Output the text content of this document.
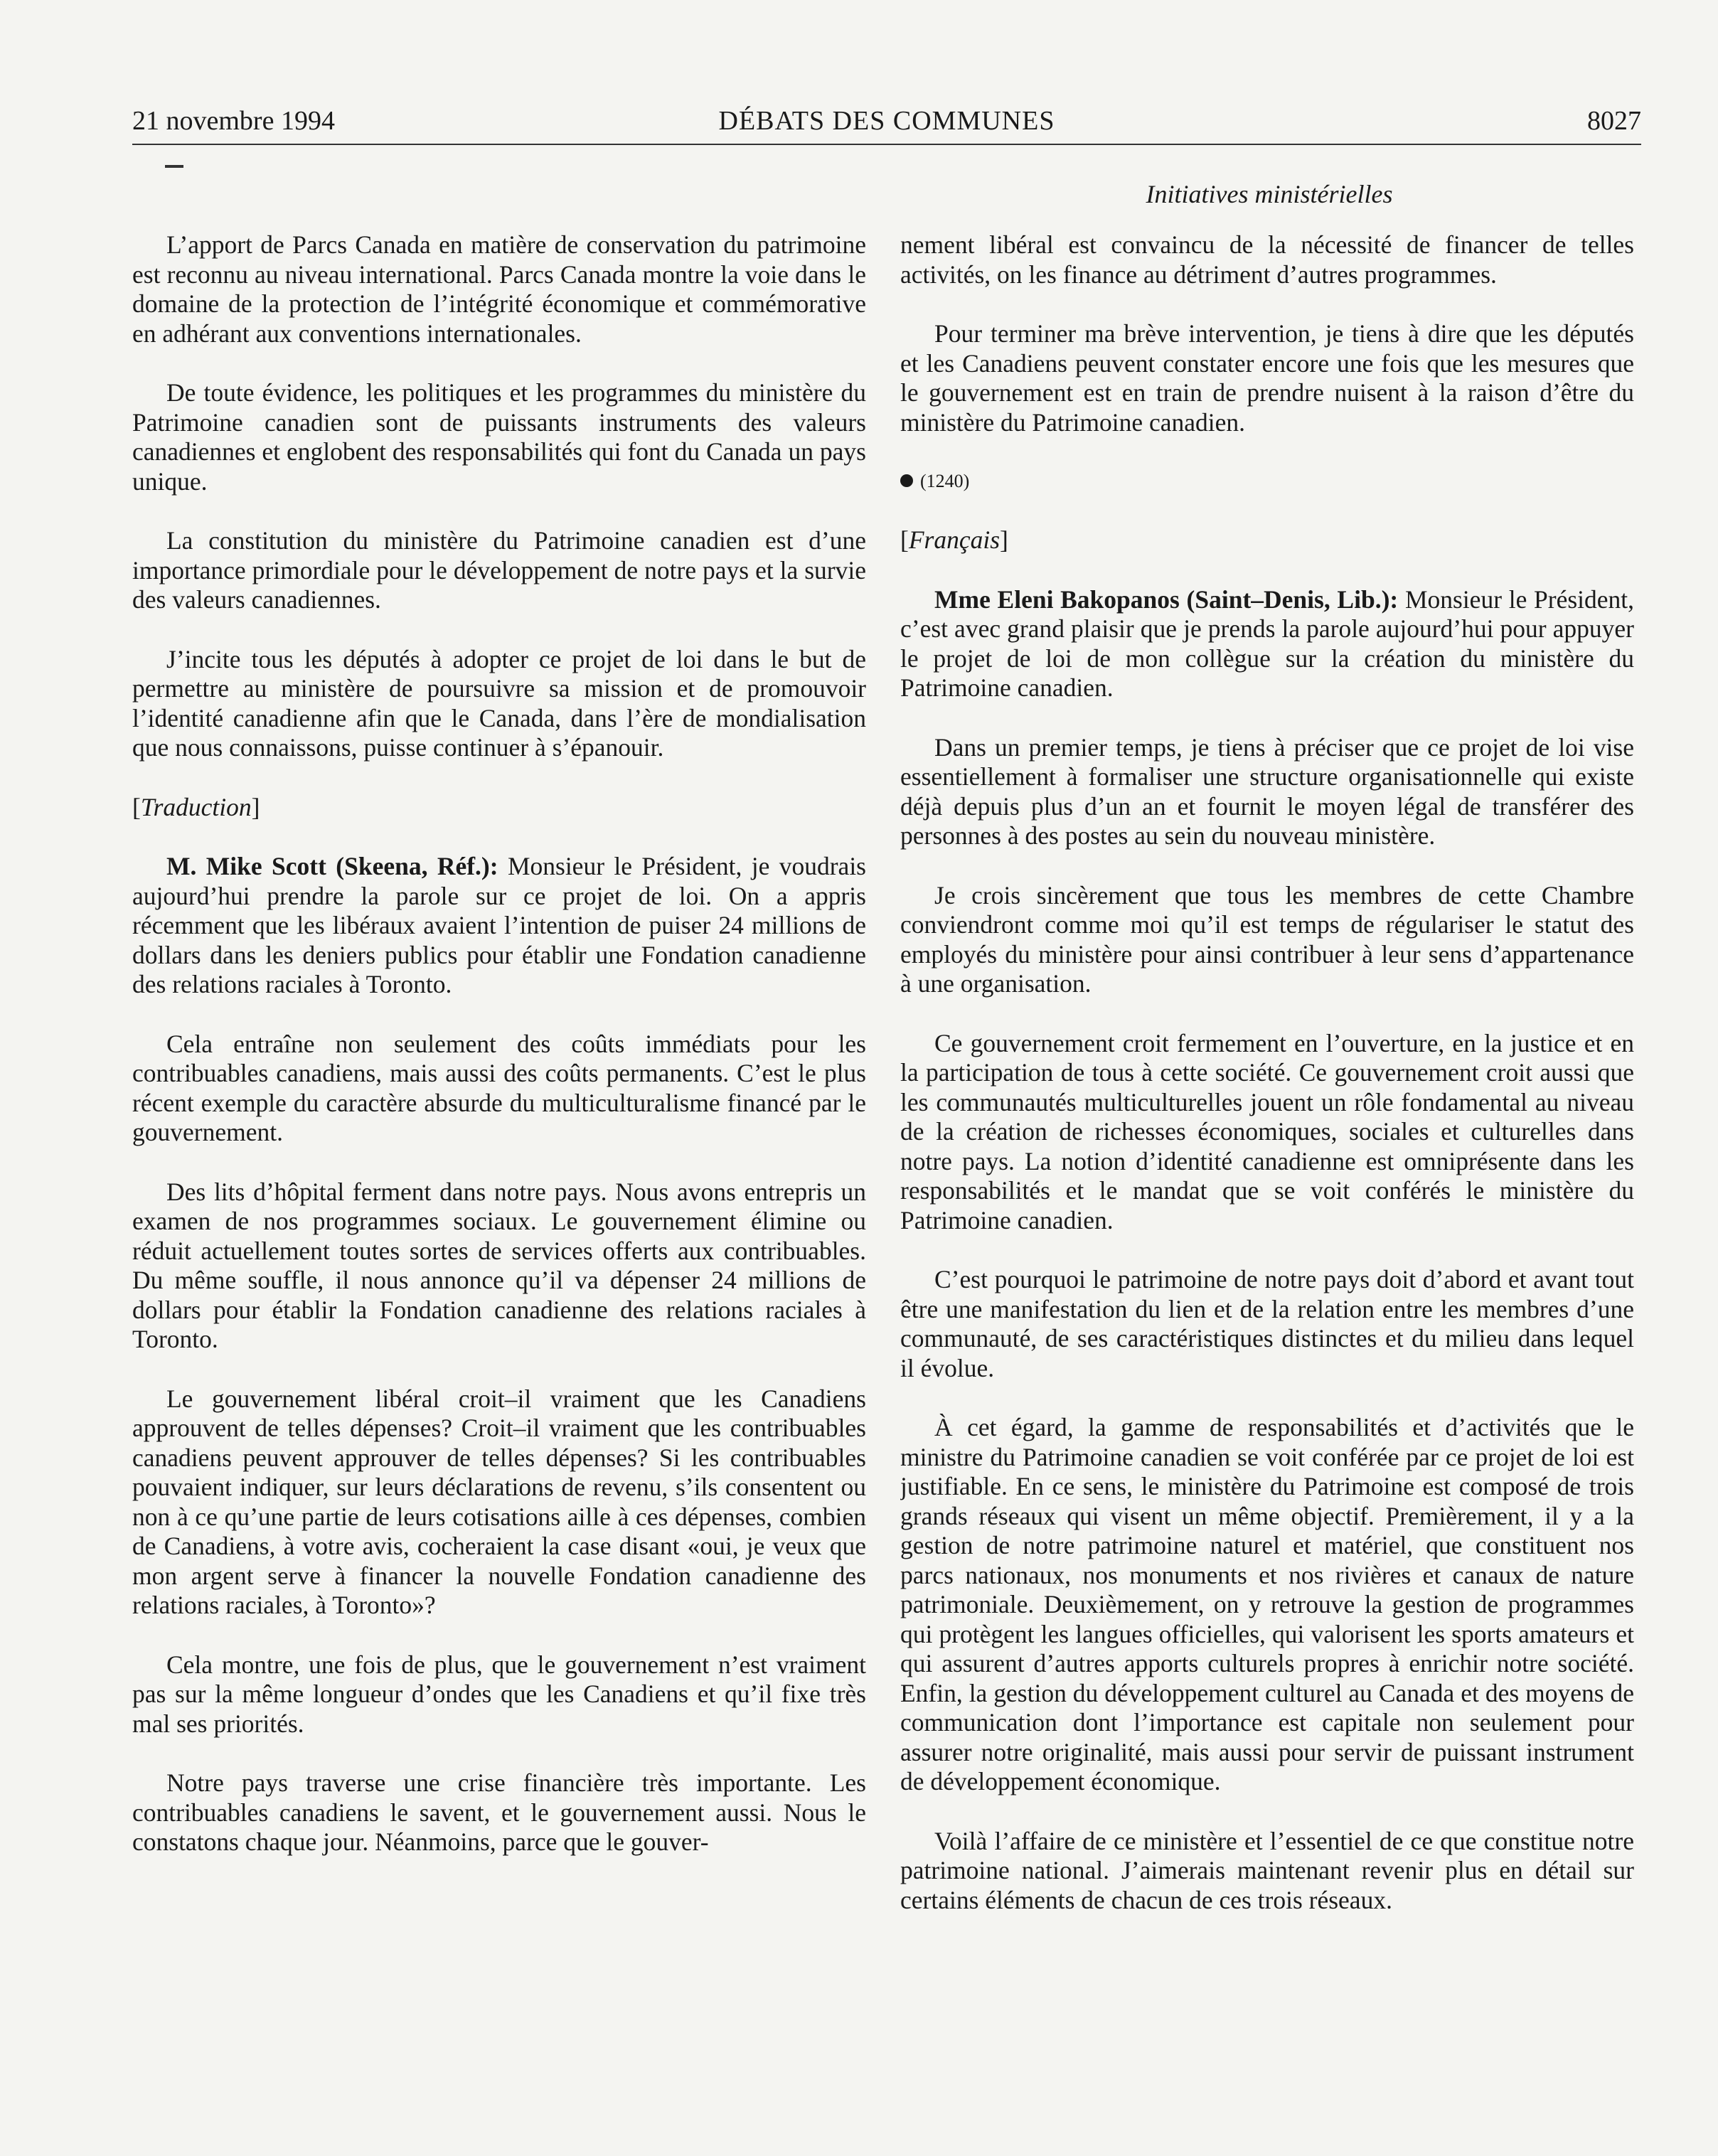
21 novembre 1994	DÉBATS DES COMMUNES	8027
Initiatives ministérielles

L’apport de Parcs Canada en matière de conservation du patrimoine est reconnu au niveau international. Parcs Canada montre la voie dans le domaine de la protection de l’intégrité économique et commémorative en adhérant aux conventions internationales.

De toute évidence, les politiques et les programmes du ministère du Patrimoine canadien sont de puissants instruments des valeurs canadiennes et englobent des responsabilités qui font du Canada un pays unique.

La constitution du ministère du Patrimoine canadien est d’une importance primordiale pour le développement de notre pays et la survie des valeurs canadiennes.

J’incite tous les députés à adopter ce projet de loi dans le but de permettre au ministère de poursuivre sa mission et de promouvoir l’identité canadienne afin que le Canada, dans l’ère de mondialisation que nous connaissons, puisse continuer à s’épanouir.

[Traduction]

M. Mike Scott (Skeena, Réf.): Monsieur le Président, je voudrais aujourd’hui prendre la parole sur ce projet de loi. On a appris récemment que les libéraux avaient l’intention de puiser 24 millions de dollars dans les deniers publics pour établir une Fondation canadienne des relations raciales à Toronto.

Cela entraîne non seulement des coûts immédiats pour les contribuables canadiens, mais aussi des coûts permanents. C’est le plus récent exemple du caractère absurde du multiculturalisme financé par le gouvernement.

Des lits d’hôpital ferment dans notre pays. Nous avons entrepris un examen de nos programmes sociaux. Le gouvernement élimine ou réduit actuellement toutes sortes de services offerts aux contribuables. Du même souffle, il nous annonce qu’il va dépenser 24 millions de dollars pour établir la Fondation canadienne des relations raciales à Toronto.

Le gouvernement libéral croit–il vraiment que les Canadiens approuvent de telles dépenses? Croit–il vraiment que les contribuables canadiens peuvent approuver de telles dépenses? Si les contribuables pouvaient indiquer, sur leurs déclarations de revenu, s’ils consentent ou non à ce qu’une partie de leurs cotisations aille à ces dépenses, combien de Canadiens, à votre avis, cocheraient la case disant «oui, je veux que mon argent serve à financer la nouvelle Fondation canadienne des relations raciales, à Toronto»?

Cela montre, une fois de plus, que le gouvernement n’est vraiment pas sur la même longueur d’ondes que les Canadiens et qu’il fixe très mal ses priorités.

Notre pays traverse une crise financière très importante. Les contribuables canadiens le savent, et le gouvernement aussi. Nous le constatons chaque jour. Néanmoins, parce que le gouver-

nement libéral est convaincu de la nécessité de financer de telles activités, on les finance au détriment d’autres programmes.

Pour terminer ma brève intervention, je tiens à dire que les députés et les Canadiens peuvent constater encore une fois que les mesures que le gouvernement est en train de prendre nuisent à la raison d’être du ministère du Patrimoine canadien.

(1240)

[Français]

Mme Eleni Bakopanos (Saint–Denis, Lib.): Monsieur le Président, c’est avec grand plaisir que je prends la parole aujourd’hui pour appuyer le projet de loi de mon collègue sur la création du ministère du Patrimoine canadien.

Dans un premier temps, je tiens à préciser que ce projet de loi vise essentiellement à formaliser une structure organisationnelle qui existe déjà depuis plus d’un an et fournit le moyen légal de transférer des personnes à des postes au sein du nouveau ministère.

Je crois sincèrement que tous les membres de cette Chambre conviendront comme moi qu’il est temps de régulariser le statut des employés du ministère pour ainsi contribuer à leur sens d’appartenance à une organisation.

Ce gouvernement croit fermement en l’ouverture, en la justice et en la participation de tous à cette société. Ce gouvernement croit aussi que les communautés multiculturelles jouent un rôle fondamental au niveau de la création de richesses économiques, sociales et culturelles dans notre pays. La notion d’identité canadienne est omniprésente dans les responsabilités et le mandat que se voit conférés le ministère du Patrimoine canadien.

C’est pourquoi le patrimoine de notre pays doit d’abord et avant tout être une manifestation du lien et de la relation entre les membres d’une communauté, de ses caractéristiques distinctes et du milieu dans lequel il évolue.

À cet égard, la gamme de responsabilités et d’activités que le ministre du Patrimoine canadien se voit conférée par ce projet de loi est justifiable. En ce sens, le ministère du Patrimoine est composé de trois grands réseaux qui visent un même objectif. Premièrement, il y a la gestion de notre patrimoine naturel et matériel, que constituent nos parcs nationaux, nos monuments et nos rivières et canaux de nature patrimoniale. Deuxièmement, on y retrouve la gestion de programmes qui protègent les langues officielles, qui valorisent les sports amateurs et qui assurent d’autres apports culturels propres à enrichir notre société. Enfin, la gestion du développement culturel au Canada et des moyens de communication dont l’importance est capitale non seulement pour assurer notre originalité, mais aussi pour servir de puissant instrument de développement économique.

Voilà l’affaire de ce ministère et l’essentiel de ce que constitue notre patrimoine national. J’aimerais maintenant revenir plus en détail sur certains éléments de chacun de ces trois réseaux.
